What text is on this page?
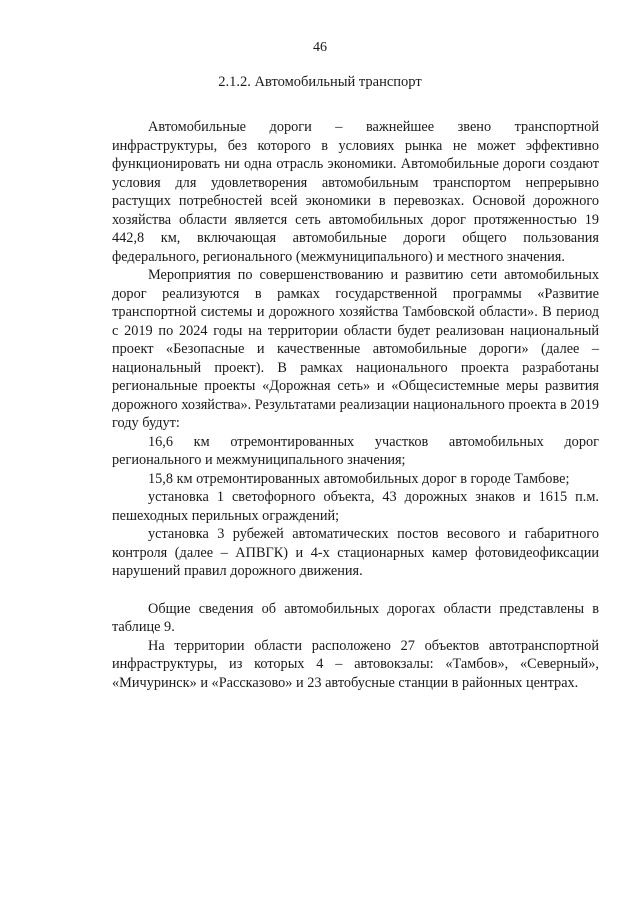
46
2.1.2. Автомобильный транспорт

Автомобильные дороги – важнейшее звено транспортной инфраструктуры, без которого в условиях рынка не может эффективно функционировать ни одна отрасль экономики. Автомобильные дороги создают условия для удовлетворения автомобильным транспортом непрерывно растущих потребностей всей экономики в перевозках. Основой дорожного хозяйства области является сеть автомобильных дорог протяженностью 19 442,8 км, включающая автомобильные дороги общего пользования федерального, регионального (межмуниципального) и местного значения.

Мероприятия по совершенствованию и развитию сети автомобильных дорог реализуются в рамках государственной программы «Развитие транспортной системы и дорожного хозяйства Тамбовской области». В период с 2019 по 2024 годы на территории области будет реализован национальный проект «Безопасные и качественные автомобильные дороги» (далее – национальный проект). В рамках национального проекта разработаны региональные проекты «Дорожная сеть» и «Общесистемные меры развития дорожного хозяйства». Результатами реализации национального проекта в 2019 году будут:

16,6 км отремонтированных участков автомобильных дорог регионального и межмуниципального значения;

15,8 км отремонтированных автомобильных дорог в городе Тамбове;

установка 1 светофорного объекта, 43 дорожных знаков и 1615 п.м. пешеходных перильных ограждений;

установка 3 рубежей автоматических постов весового и габаритного контроля (далее – АПВГК) и 4-х стационарных камер фотовидеофиксации нарушений правил дорожного движения.

Общие сведения об автомобильных дорогах области представлены в таблице 9.

На территории области расположено 27 объектов автотранспортной инфраструктуры, из которых 4 – автовокзалы: «Тамбов», «Северный», «Мичуринск» и «Рассказово» и 23 автобусные станции в районных центрах.
